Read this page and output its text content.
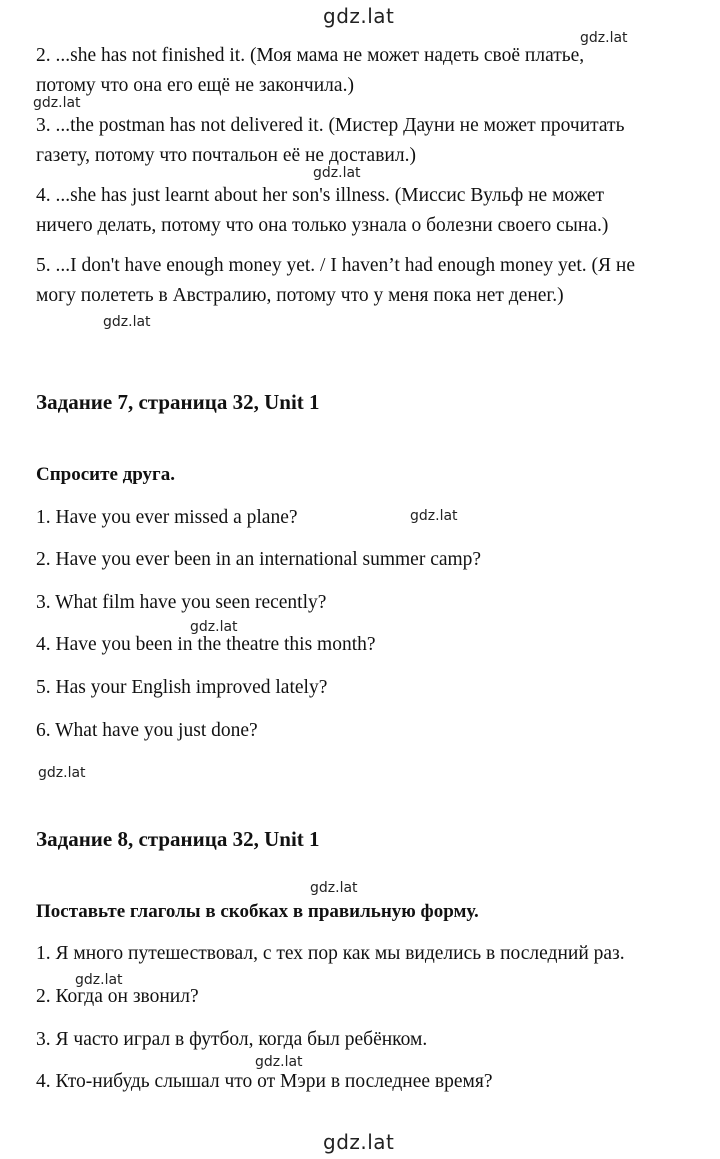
gdz.lat
gdz.lat
gdz.lat
gdz.lat
gdz.lat
gdz.lat
gdz.lat
gdz.lat
gdz.lat
gdz.lat
gdz.lat
gdz.lat
2. ...she has not finished it. (Моя мама не может надеть своё платье,
потому что она его ещё не закончила.)
3. ...the postman has not delivered it. (Мистер Дауни не может прочитать
газету, потому что почтальон её не доставил.)
4. ...she has just learnt about her son's illness. (Миссис Вульф не может
ничего делать, потому что она только узнала о болезни своего сына.)
5. ...I don't have enough money yet. / I haven’t had enough money yet. (Я не
могу полететь в Австралию, потому что у меня пока нет денег.)
Задание 7, страница 32, Unit 1
Спросите друга.
1. Have you ever missed a plane?
2. Have you ever been in an international summer camp?
3. What film have you seen recently?
4. Have you been in the theatre this month?
5. Has your English improved lately?
6. What have you just done?
Задание 8, страница 32, Unit 1
Поставьте глаголы в скобках в правильную форму.
1. Я много путешествовал, с тех пор как мы виделись в последний раз.
2. Когда он звонил?
3. Я часто играл в футбол, когда был ребёнком.
4. Кто-нибудь слышал что от Мэри в последнее время?
